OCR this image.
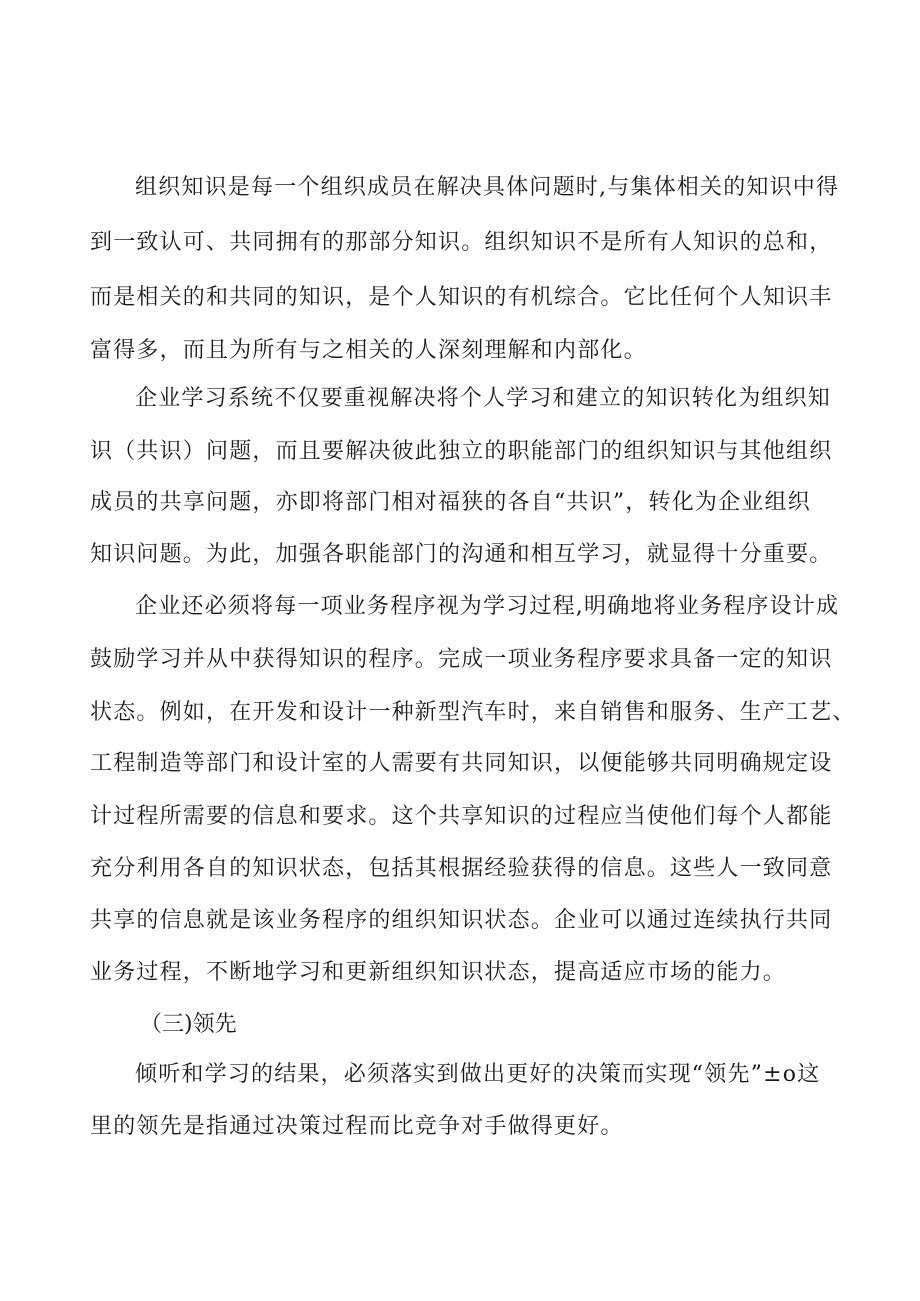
组织知识是每一个组织成员在解决具体问题时,与集体相关的知识中得
到一致认可、共同拥有的那部分知识。组织知识不是所有人知识的总和，
而是相关的和共同的知识，是个人知识的有机综合。它比任何个人知识丰
富得多，而且为所有与之相关的人深刻理解和内部化。
企业学习系统不仅要重视解决将个人学习和建立的知识转化为组织知
识（共识）问题，而且要解决彼此独立的职能部门的组织知识与其他组织
成员的共享问题，亦即将部门相对福狭的各自“共识”，转化为企业组织
知识问题。为此，加强各职能部门的沟通和相互学习，就显得十分重要。
企业还必须将每一项业务程序视为学习过程,明确地将业务程序设计成
鼓励学习并从中获得知识的程序。完成一项业务程序要求具备一定的知识
状态。例如，在开发和设计一种新型汽车时，来自销售和服务、生产工艺、
工程制造等部门和设计室的人需要有共同知识，以便能够共同明确规定设
计过程所需要的信息和要求。这个共享知识的过程应当使他们每个人都能
充分利用各自的知识状态，包括其根据经验获得的信息。这些人一致同意
共享的信息就是该业务程序的组织知识状态。企业可以通过连续执行共同
业务过程，不断地学习和更新组织知识状态，提高适应市场的能力。
（三)领先
倾听和学习的结果，必须落实到做出更好的决策而实现“领先”±o这
里的领先是指通过决策过程而比竞争对手做得更好。
